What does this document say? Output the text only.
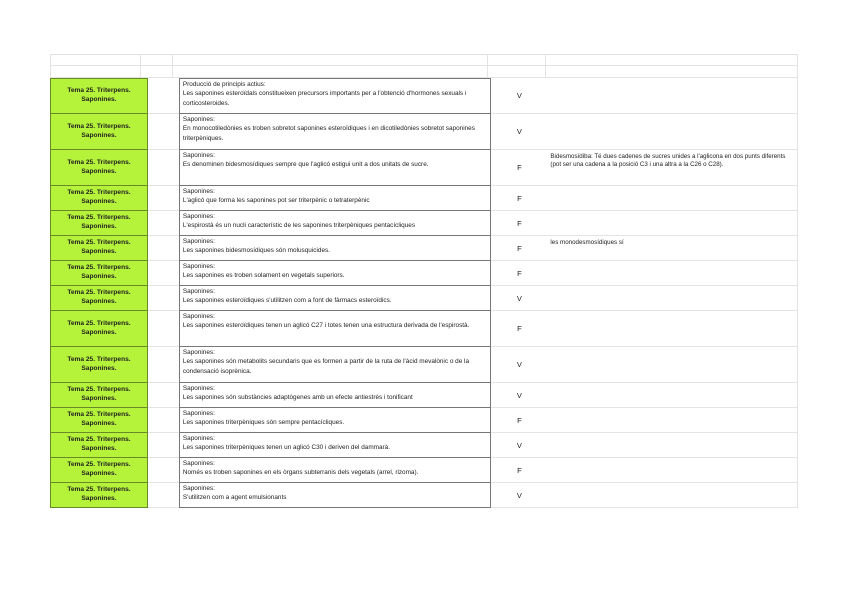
Tema 25. Triterpens. Saponines.
Producció de principis actius:
Les saponines esteroïdals constitueixen precursors importants per a l'obtenció d'hormones sexuals i corticosteroides.
V
Tema 25. Triterpens. Saponines.
Saponines:
En monocotiledònies es troben sobretot saponines esteroïdiques i en dicotiledònies sobretot saponines triterpèniques.
V
Tema 25. Triterpens. Saponines.
Saponines:
Es denominen bidesmosídiques sempre que l'aglicó estigui unit a dos unitats de sucre.	F
Bidesmosídiba: Té dues cadenes de sucres unides a l'aglicona en dos punts diferents (pot ser una cadena a la posició C3 i una altra a la C26 o C28).
Tema 25. Triterpens. Saponines.
Saponines:
L'aglicó que forma les saponines pot ser triterpènic o tetraterpènic	F
Tema 25. Triterpens. Saponines.
Saponines:
L'espirostà és un nucli característic de les saponines triterpèniques pentacícliques	F
Tema 25. Triterpens. Saponines.
Saponines:
Les saponines bidesmosídiques són molusquicides.	F
les monodesmosídiques sí
Tema 25. Triterpens. Saponines.
Saponines:
Les saponines es troben solament en vegetals superiors.	F
Tema 25. Triterpens. Saponines.
Saponines:
Les saponines esteroïdiques s'utilitzen com a font de fàrmacs esteroïdics.	V
Tema 25. Triterpens. Saponines.
Saponines:
Les saponines esteroïdiques tenen un aglicó C27 i totes tenen una estructura derivada de l'espirostà.	F
Tema 25. Triterpens. Saponines.
Saponines:
Les saponines són metabolits secundaris que es formen a partir de la ruta de l'àcid mevalònic o de la condensació isoprènica.
V
Tema 25. Triterpens. Saponines.
Saponines:
Les saponines són substàncies adaptògenes amb un efecte antiestrès i tonificant	V
Tema 25. Triterpens. Saponines.
Saponines:
Les saponines triterpèniques són sempre pentacícliques.	F
Tema 25. Triterpens. Saponines.
Saponines:
Les saponines triterpèniques tenen un aglicó C30 i deriven del dammarà.	V
Tema 25. Triterpens. Saponines.
Saponines:
Només es troben saponines en els òrgans subterranis dels vegetals (arrel, rizoma).	F
Tema 25. Triterpens. Saponines.
Saponines:
S'utilitzen com a agent emulsionants	V
